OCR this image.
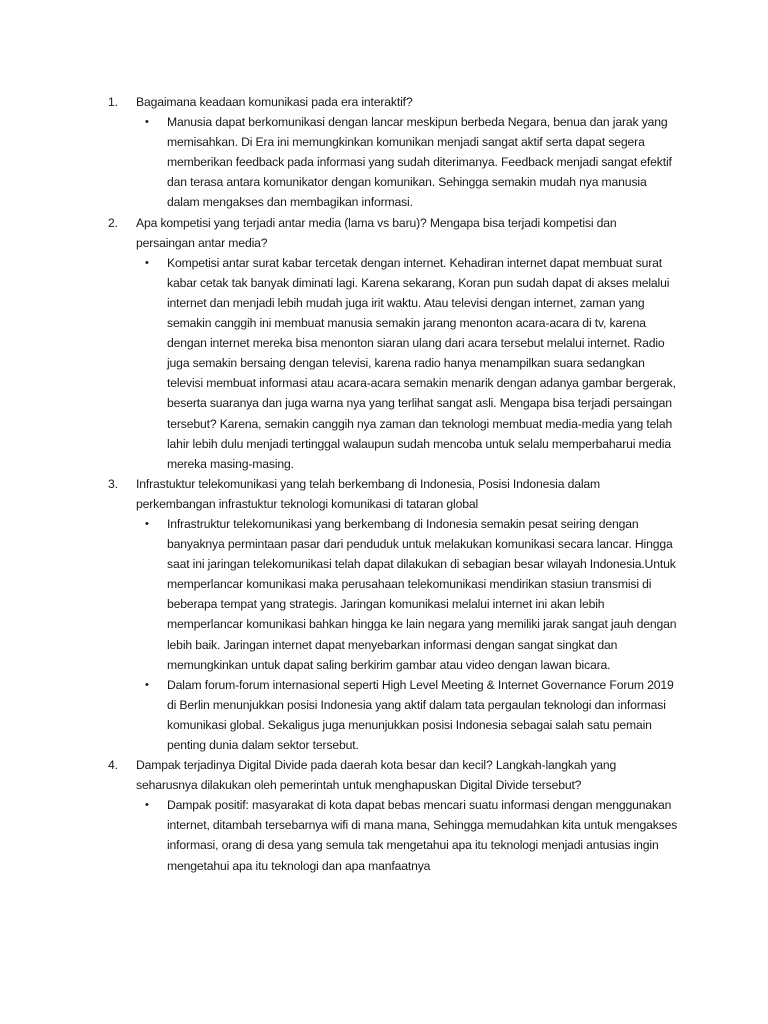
1.	Bagaimana keadaan komunikasi pada era interaktif?
• Manusia dapat berkomunikasi dengan lancar meskipun berbeda Negara, benua dan jarak yang memisahkan. Di Era ini memungkinkan komunikan menjadi sangat aktif serta dapat segera memberikan feedback pada informasi yang sudah diterimanya. Feedback menjadi sangat efektif dan terasa antara komunikator dengan komunikan. Sehingga semakin mudah nya manusia dalam mengakses dan membagikan informasi.
2.	Apa kompetisi yang terjadi antar media (lama vs baru)? Mengapa bisa terjadi kompetisi dan persaingan antar media?
• Kompetisi antar surat kabar tercetak dengan internet. Kehadiran internet dapat membuat surat kabar cetak tak banyak diminati lagi. Karena sekarang, Koran pun sudah dapat di akses melalui internet dan menjadi lebih mudah juga irit waktu. Atau televisi dengan internet, zaman yang semakin canggih ini membuat manusia semakin jarang menonton acara-acara di tv, karena dengan internet mereka bisa menonton siaran ulang dari acara tersebut melalui internet. Radio juga semakin bersaing dengan televisi, karena radio hanya menampilkan suara sedangkan televisi membuat informasi atau acara-acara semakin menarik dengan adanya gambar bergerak, beserta suaranya dan juga warna nya yang terlihat sangat asli. Mengapa bisa terjadi persaingan tersebut? Karena, semakin canggih nya zaman dan teknologi membuat media-media yang telah lahir lebih dulu menjadi tertinggal walaupun sudah mencoba untuk selalu memperbaharui media mereka masing-masing.
3.	Infrastuktur telekomunikasi yang telah berkembang di Indonesia, Posisi Indonesia dalam perkembangan infrastuktur teknologi komunikasi di tataran global
• Infrastruktur telekomunikasi yang berkembang di Indonesia semakin pesat seiring dengan banyaknya permintaan pasar dari penduduk untuk melakukan komunikasi secara lancar. Hingga saat ini jaringan telekomunikasi telah dapat dilakukan di sebagian besar wilayah Indonesia.Untuk memperlancar komunikasi maka perusahaan telekomunikasi mendirikan stasiun transmisi di beberapa tempat yang strategis. Jaringan komunikasi melalui internet ini akan lebih memperlancar komunikasi bahkan hingga ke lain negara yang memiliki jarak sangat jauh dengan lebih baik. Jaringan internet dapat menyebarkan informasi dengan sangat singkat dan memungkinkan untuk dapat saling berkirim gambar atau video dengan lawan bicara.
• Dalam forum-forum internasional seperti High Level Meeting & Internet Governance Forum 2019 di Berlin menunjukkan posisi Indonesia yang aktif dalam tata pergaulan teknologi dan informasi komunikasi global. Sekaligus juga menunjukkan posisi Indonesia sebagai salah satu pemain penting dunia dalam sektor tersebut.
4.	Dampak terjadinya Digital Divide pada daerah kota besar dan kecil? Langkah-langkah yang seharusnya dilakukan oleh pemerintah untuk menghapuskan Digital Divide tersebut?
• Dampak positif: masyarakat di kota dapat bebas mencari suatu informasi dengan menggunakan internet, ditambah tersebarnya wifi di mana mana, Sehingga memudahkan kita untuk mengakses informasi, orang di desa yang semula tak mengetahui apa itu teknologi menjadi antusias ingin mengetahui apa itu teknologi dan apa manfaatnya
